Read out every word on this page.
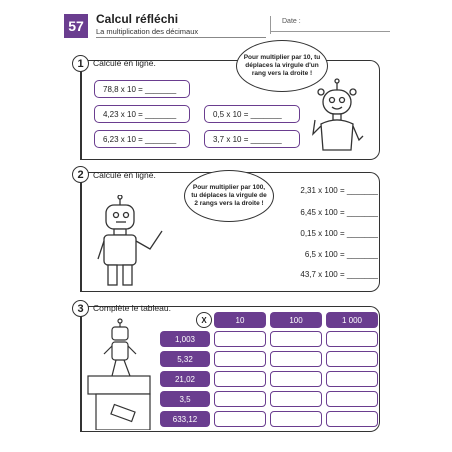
57	Calcul réfléchi
La multiplication des décimaux
Date :
1	Calcule en ligne.
78,8 x 10 = _______
4,23 x 10 = _______	0,5 x 10 = _______
6,23 x 10 = _______	3,7 x 10 = _______
Pour multiplier par 10, tu déplaces la virgule d'un rang vers la droite !
2	Calcule en ligne.
Pour multiplier par 100, tu déplaces la virgule de 2 rangs vers la droite !
2,31 x 100 = _______
6,45 x 100 = _______
0,15 x 100 = _______
6,5 x 100 = _______
43,7 x 100 = _______
3	Complète le tableau.
X	10	100	1 000
1,003
5,32
21,02
3,5
633,12
